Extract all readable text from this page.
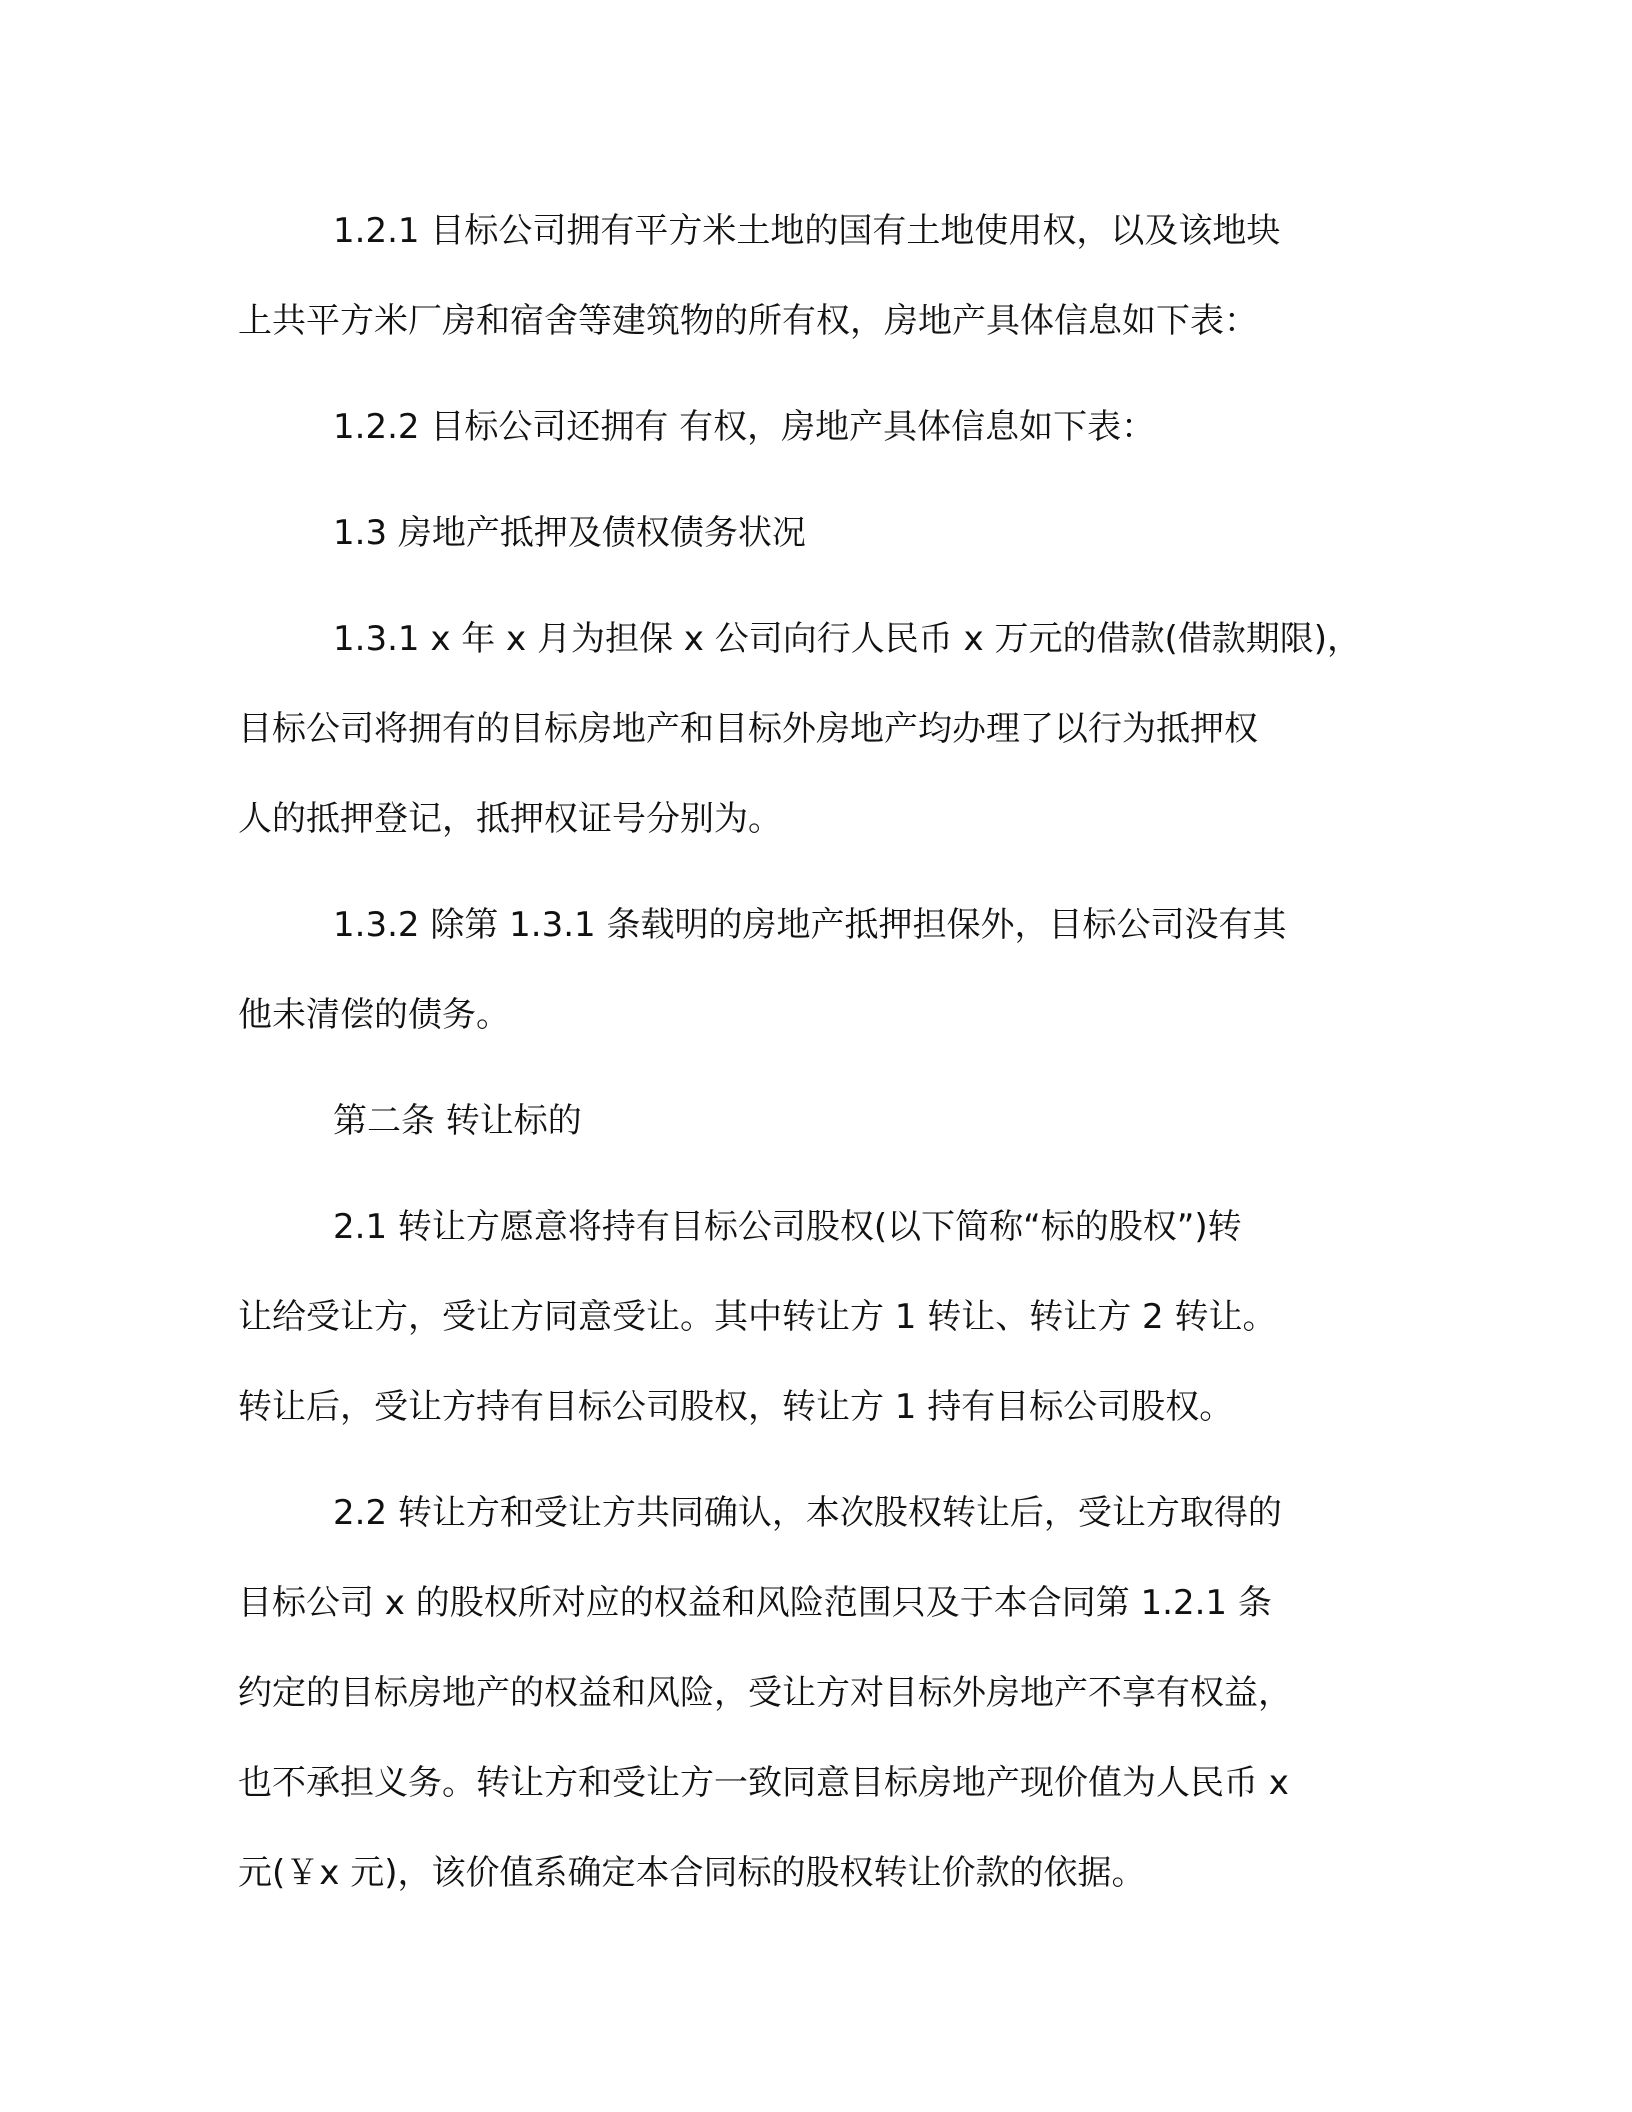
1.2.1 目标公司拥有平方米土地的国有土地使用权，以及该地块
上共平方米厂房和宿舍等建筑物的所有权，房地产具体信息如下表：

1.2.2 目标公司还拥有 有权，房地产具体信息如下表：

1.3 房地产抵押及债权债务状况

1.3.1 x 年 x 月为担保 x 公司向行人民币 x 万元的借款(借款期限)，
目标公司将拥有的目标房地产和目标外房地产均办理了以行为抵押权
人的抵押登记，抵押权证号分别为。

1.3.2 除第 1.3.1 条载明的房地产抵押担保外，目标公司没有其
他未清偿的债务。

第二条 转让标的

2.1 转让方愿意将持有目标公司股权(以下简称“标的股权”)转
让给受让方，受让方同意受让。其中转让方 1 转让、转让方 2 转让。
转让后，受让方持有目标公司股权，转让方 1 持有目标公司股权。

2.2 转让方和受让方共同确认，本次股权转让后，受让方取得的
目标公司 x 的股权所对应的权益和风险范围只及于本合同第 1.2.1 条
约定的目标房地产的权益和风险，受让方对目标外房地产不享有权益，
也不承担义务。转让方和受让方一致同意目标房地产现价值为人民币 x
元(￥x 元)，该价值系确定本合同标的股权转让价款的依据。
